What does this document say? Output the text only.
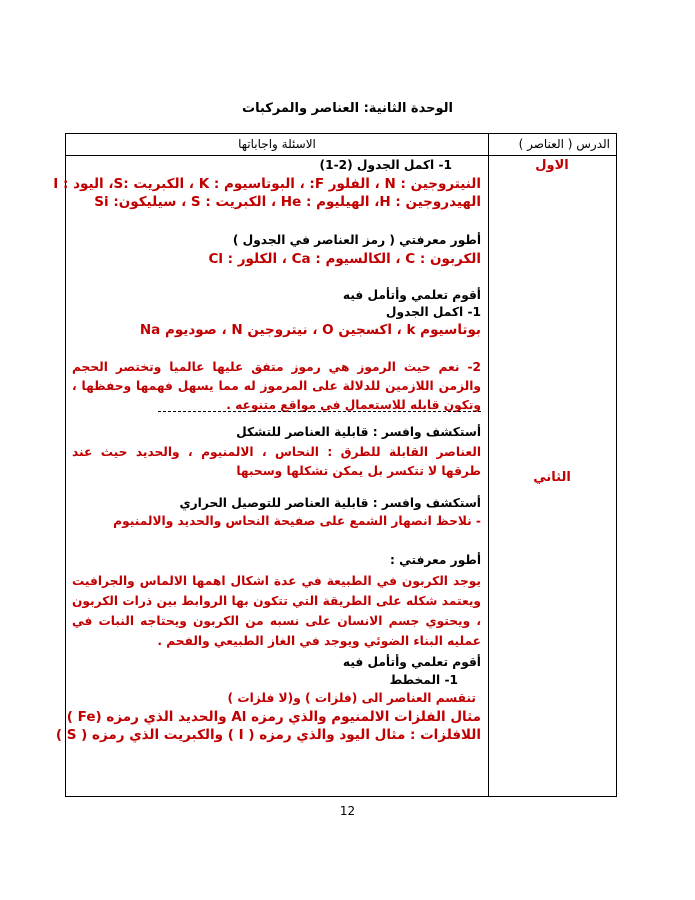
الوحدة الثانية: العناصر والمركبات
الاسئلة واجاباتها	الدرس ( العناصر )
الاول
الثاني
1- اكمل الجدول (2-1)
النيتروجين : N ، الفلور F: ، البوتاسيوم : K ، الكبريت :S، اليود : I
الهيدروجين : H، الهيليوم : He ، الكبريت : S ، سيليكون: Si
أطور معرفتي ( رمز العناصر في الجدول )
الكربون : C ، الكالسيوم : Ca ، الكلور : Cl
أقوم تعلمي وأتأمل فيه
1- اكمل الجدول
بوتاسيوم k ، اكسجين O ، نيتروجين N ، صوديوم Na
2- نعم حيث الرموز هي رموز متفق عليها عالميا وتختصر الحجم والزمن اللازمين للدلالة على المرموز له مما يسهل فهمها وحفظها ، وتكون قابله للاستعمال في مواقع متنوعه .
أستكشف وافسر : قابلية العناصر للتشكل
العناصر القابلة للطرق : النحاس ، الالمنيوم ، والحديد حيث عند طرقها لا تتكسر بل يمكن تشكلها وسحبها
أستكشف وافسر : قابلية العناصر للتوصيل الحراري
- نلاحظ انصهار الشمع على صفيحة النحاس والحديد والالمنيوم
أطور معرفتي :
يوجد الكربون في الطبيعة في عدة اشكال اهمها الالماس والجرافيت ويعتمد شكله على الطريقة التي تتكون بها الروابط بين ذرات الكربون ، ويحتوي جسم الانسان على نسبه من الكربون ويحتاجه النبات في عمليه البناء الضوئي ويوجد في الغاز الطبيعي والفحم .
أقوم تعلمي وأتأمل فيه
1- المخطط
تنقسم العناصر الى (فلزات ) و(لا فلزات )
مثال الفلزات الالمنيوم والذي رمزه Al والحديد الذي رمزه (Fe )
اللافلزات : مثال اليود والذي رمزه ( I ) والكبريت الذي رمزه ( S )
12
